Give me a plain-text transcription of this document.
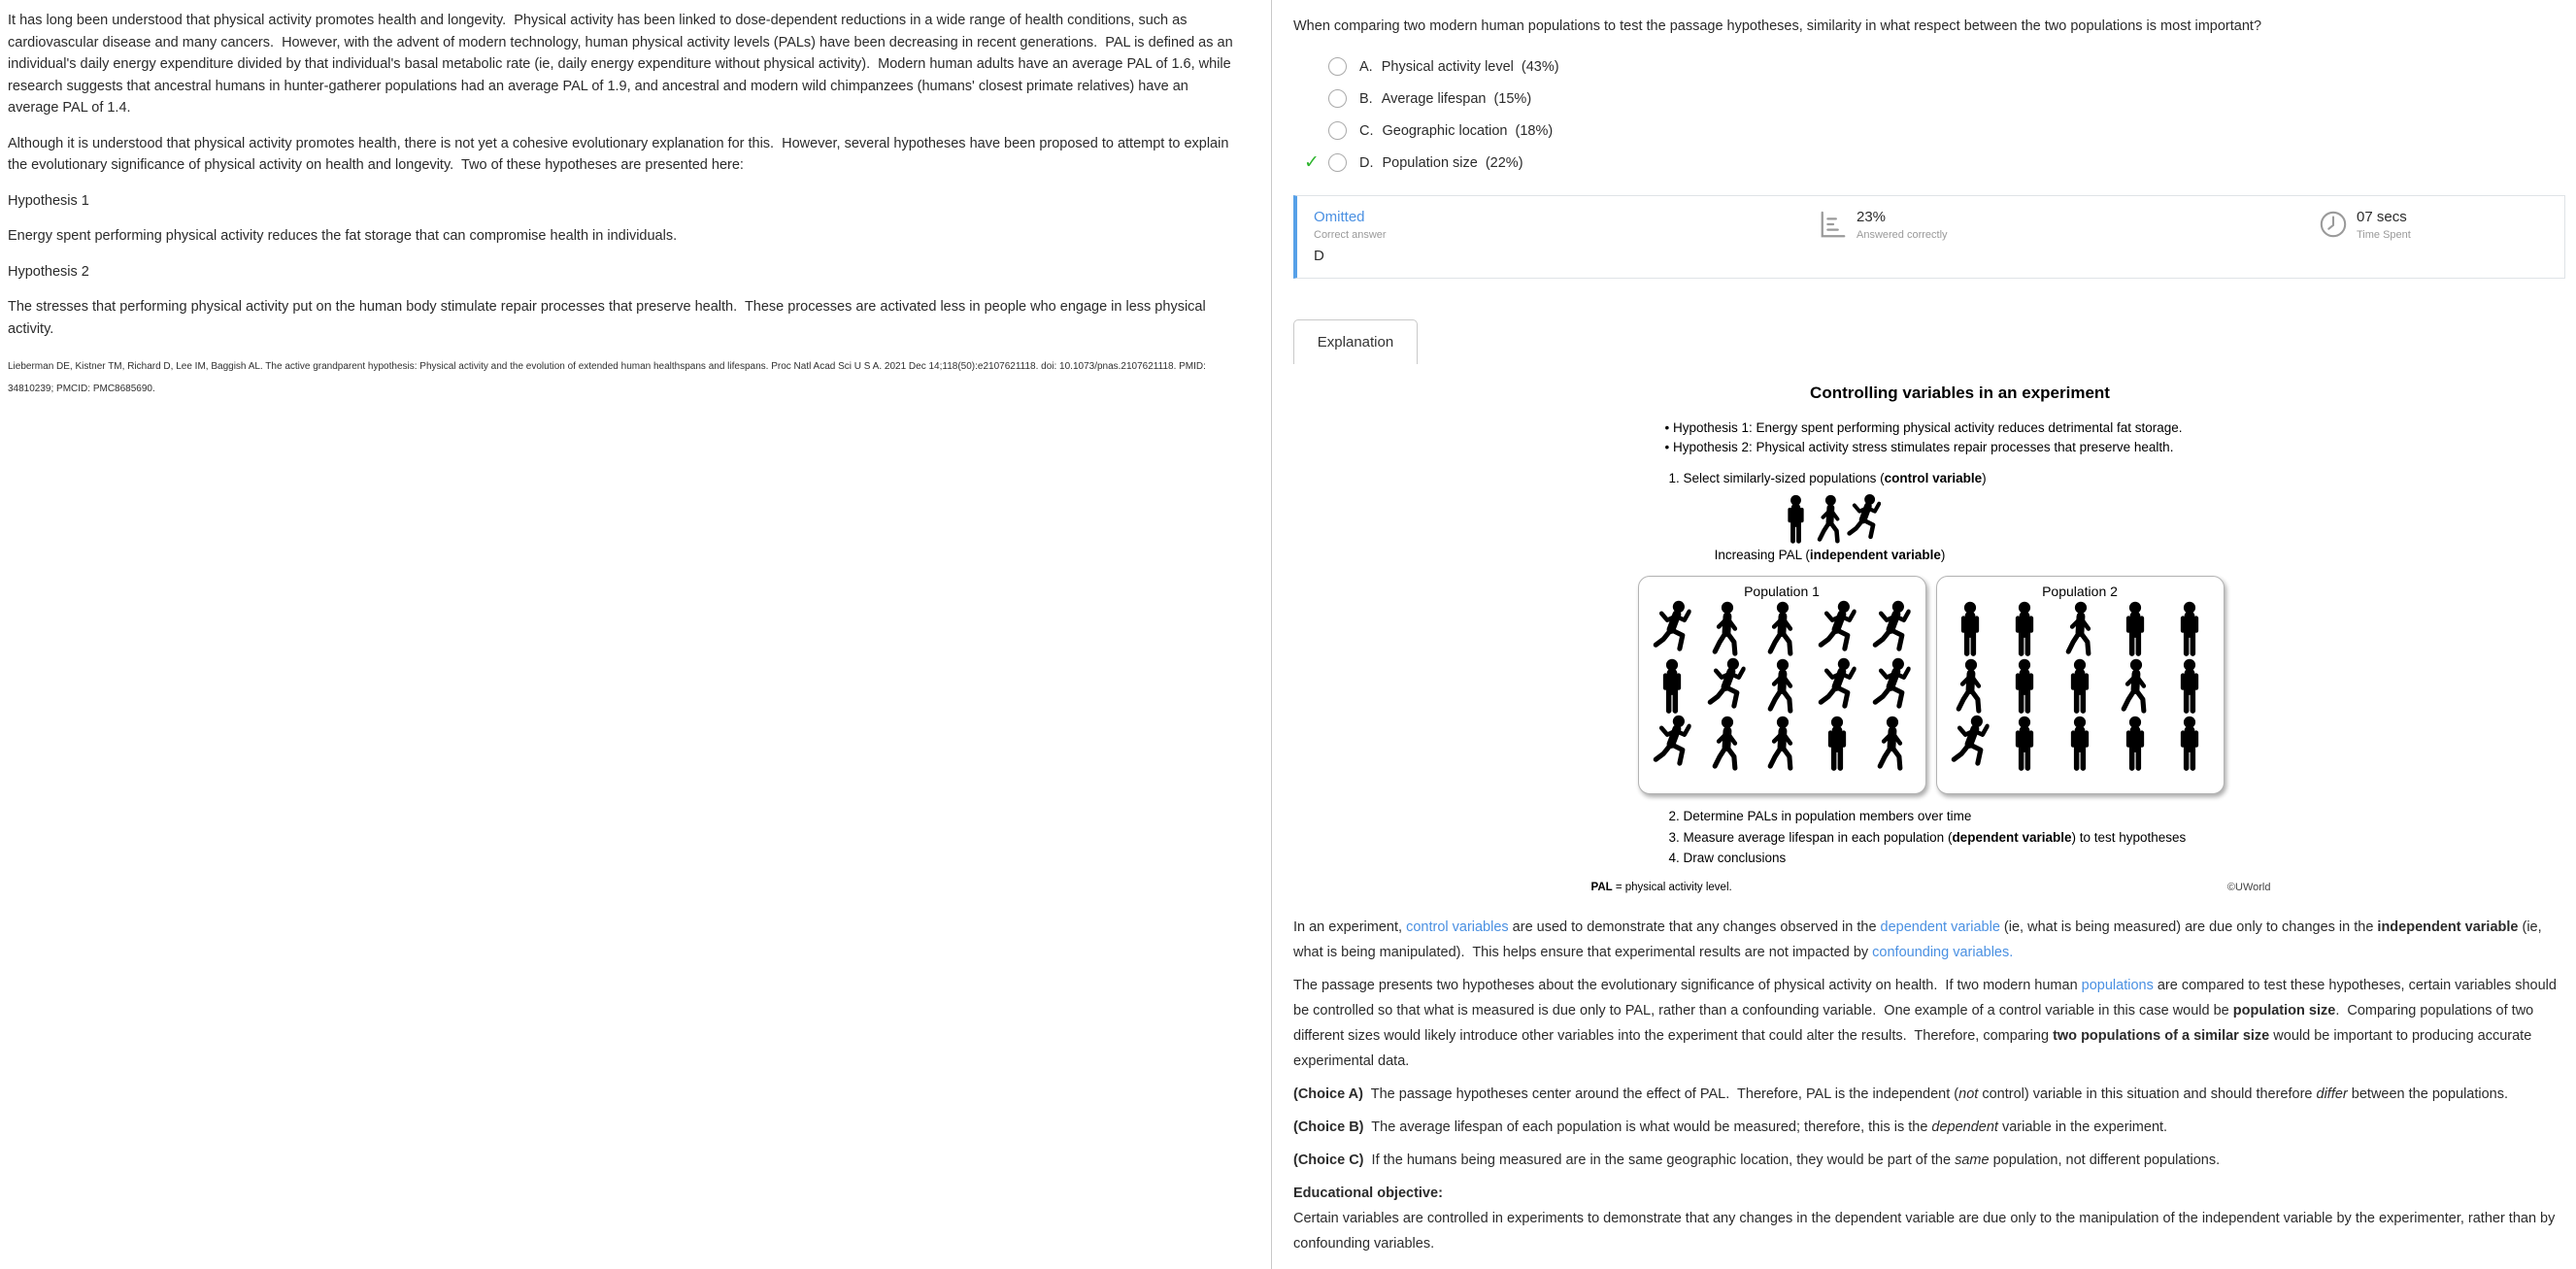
It has long been understood that physical activity promotes health and longevity.  Physical activity has been linked to dose-dependent reductions in a wide range of health conditions, such as cardiovascular disease and many cancers.  However, with the advent of modern technology, human physical activity levels (PALs) have been decreasing in recent generations.  PAL is defined as an individual's daily energy expenditure divided by that individual's basal metabolic rate (ie, daily energy expenditure without physical activity).  Modern human adults have an average PAL of 1.6, while research suggests that ancestral humans in hunter-gatherer populations had an average PAL of 1.9, and ancestral and modern wild chimpanzees (humans' closest primate relatives) have an average PAL of 1.4.

Although it is understood that physical activity promotes health, there is not yet a cohesive evolutionary explanation for this.  However, several hypotheses have been proposed to attempt to explain the evolutionary significance of physical activity on health and longevity.  Two of these hypotheses are presented here:

Hypothesis 1

Energy spent performing physical activity reduces the fat storage that can compromise health in individuals.

Hypothesis 2

The stresses that performing physical activity put on the human body stimulate repair processes that preserve health.  These processes are activated less in people who engage in less physical activity.

Lieberman DE, Kistner TM, Richard D, Lee IM, Baggish AL. The active grandparent hypothesis: Physical activity and the evolution of extended human healthspans and lifespans. Proc Natl Acad Sci U S A. 2021 Dec 14;118(50):e2107621118. doi: 10.1073/pnas.2107621118. PMID: 34810239; PMCID: PMC8685690.
When comparing two modern human populations to test the passage hypotheses, similarity in what respect between the two populations is most important?
A. Physical activity level (43%)
B. Average lifespan (15%)
C. Geographic location (18%)
✓	D. Population size (22%)
Omitted
Correct answer
D
23%
Answered correctly
07 secs
Time Spent
Explanation
Controlling variables in an experiment
• Hypothesis 1: Energy spent performing physical activity reduces detrimental fat storage.
• Hypothesis 2: Physical activity stress stimulates repair processes that preserve health.
1. Select similarly-sized populations (control variable)
Increasing PAL (independent variable)
Population 1	Population 2
2. Determine PALs in population members over time
3. Measure average lifespan in each population (dependent variable) to test hypotheses
4. Draw conclusions
PAL = physical activity level.	©UWorld

In an experiment, control variables are used to demonstrate that any changes observed in the dependent variable (ie, what is being measured) are due only to changes in the independent variable (ie, what is being manipulated).  This helps ensure that experimental results are not impacted by confounding variables.

The passage presents two hypotheses about the evolutionary significance of physical activity on health.  If two modern human populations are compared to test these hypotheses, certain variables should be controlled so that what is measured is due only to PAL, rather than a confounding variable.  One example of a control variable in this case would be population size.  Comparing populations of two different sizes would likely introduce other variables into the experiment that could alter the results.  Therefore, comparing two populations of a similar size would be important to producing accurate experimental data.

(Choice A)  The passage hypotheses center around the effect of PAL.  Therefore, PAL is the independent (not control) variable in this situation and should therefore differ between the populations.

(Choice B)  The average lifespan of each population is what would be measured; therefore, this is the dependent variable in the experiment.

(Choice C)  If the humans being measured are in the same geographic location, they would be part of the same population, not different populations.

Educational objective:

Certain variables are controlled in experiments to demonstrate that any changes in the dependent variable are due only to the manipulation of the independent variable by the experimenter, rather than by confounding variables.
